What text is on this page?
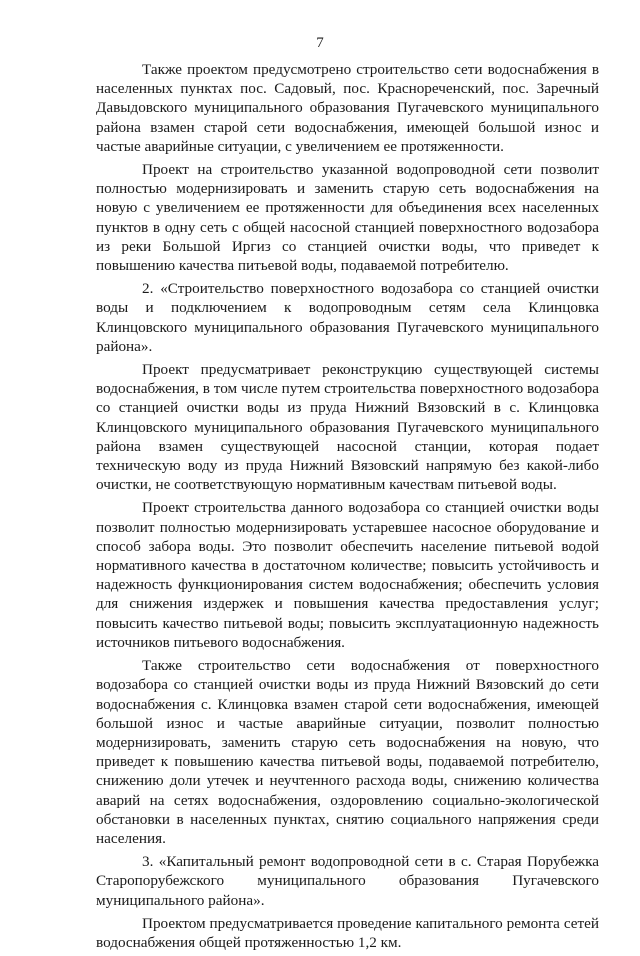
7

Также проектом предусмотрено строительство сети водоснабжения в населенных пунктах пос. Садовый, пос. Краснореченский, пос. Заречный Давыдовского муниципального образования Пугачевского муниципального района взамен старой сети водоснабжения, имеющей большой износ и частые аварийные ситуации, с увеличением ее протяженности.

Проект на строительство указанной водопроводной сети позволит полностью модернизировать и заменить старую сеть водоснабжения на новую с увеличением ее протяженности для объединения всех населенных пунктов в одну сеть с общей насосной станцией поверхностного водозабора из реки Большой Иргиз со станцией очистки воды, что приведет к повышению качества питьевой воды, подаваемой потребителю.

2. «Строительство поверхностного водозабора со станцией очистки воды и подключением к водопроводным сетям села Клинцовка Клинцовского муниципального образования Пугачевского муниципального района».

Проект предусматривает реконструкцию существующей системы водоснабжения, в том числе путем строительства поверхностного водозабора со станцией очистки воды из пруда Нижний Вязовский в с. Клинцовка Клинцовского муниципального образования Пугачевского муниципального района взамен существующей насосной станции, которая подает техническую воду из пруда Нижний Вязовский напрямую без какой-либо очистки, не соответствующую нормативным качествам питьевой воды.

Проект строительства данного водозабора со станцией очистки воды позволит полностью модернизировать устаревшее насосное оборудование и способ забора воды. Это позволит обеспечить население питьевой водой нормативного качества в достаточном количестве; повысить устойчивость и надежность функционирования систем водоснабжения; обеспечить условия для снижения издержек и повышения качества предоставления услуг; повысить качество питьевой воды; повысить эксплуатационную надежность источников питьевого водоснабжения.

Также строительство сети водоснабжения от поверхностного водозабора со станцией очистки воды из пруда Нижний Вязовский до сети водоснабжения с. Клинцовка взамен старой сети водоснабжения, имеющей большой износ и частые аварийные ситуации, позволит полностью модернизировать, заменить старую сеть водоснабжения на новую, что приведет к повышению качества питьевой воды, подаваемой потребителю, снижению доли утечек и неучтенного расхода воды, снижению количества аварий на сетях водоснабжения, оздоровлению социально-экологической обстановки в населенных пунктах, снятию социального напряжения среди населения.

3. «Капитальный ремонт водопроводной сети в с. Старая Порубежка Старопорубежского муниципального образования Пугачевского муниципального района».

Проектом предусматривается проведение капитального ремонта сетей водоснабжения общей протяженностью 1,2 км.
